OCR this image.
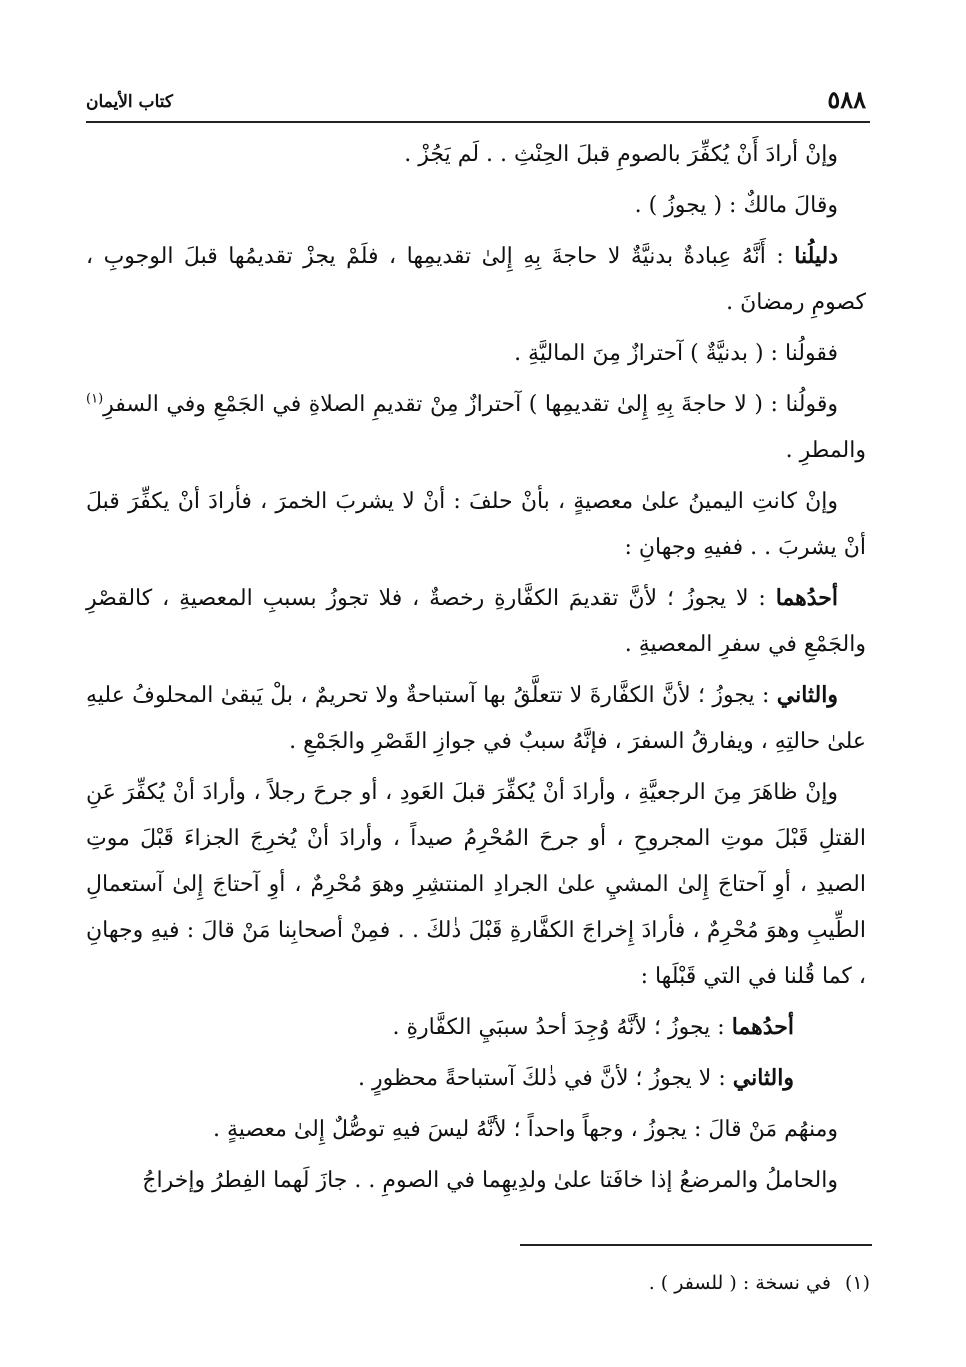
٥٨٨
كتاب الأيمان

وإنْ أرادَ أَنْ يُكفِّرَ بالصومِ قبلَ الحِنْثِ . . لَم يَجُزْ .

وقالَ مالكٌ : ( يجوزُ ) .

دليلُنا : أَنَّهُ عِبادةٌ بدنيَّةٌ لا حاجةَ بِهِ إِلىٰ تقديمِها ، فلَمْ يجزْ تقديمُها قبلَ الوجوبِ ، كصومِ رمضانَ .

فقولُنا : ( بدنيَّةٌ ) آحترازٌ مِنَ الماليَّةِ .

وقولُنا : ( لا حاجةَ بِهِ إِلىٰ تقديمِها ) آحترازٌ مِنْ تقديمِ الصلاةِ في الجَمْعِ وفي السفرِ$^{(١)}$ والمطرِ .

وإنْ كانتِ اليمينُ علىٰ معصيةٍ ، بأنْ حلفَ : أنْ لا يشربَ الخمرَ ، فأرادَ أنْ يكفِّرَ قبلَ أنْ يشربَ . . ففيهِ وجهانِ :

أحدُهما : لا يجوزُ ؛ لأنَّ تقديمَ الكفَّارةِ رخصةٌ ، فلا تجوزُ بسببِ المعصيةِ ، كالقصْرِ والجَمْعِ في سفرِ المعصيةِ .

والثاني : يجوزُ ؛ لأنَّ الكفَّارةَ لا تتعلَّقُ بها آستباحةٌ ولا تحريمٌ ، بلْ يَبقىٰ المحلوفُ عليهِ علىٰ حالتِهِ ، ويفارقُ السفرَ ، فإنَّهُ سببٌ في جوازِ القَصْرِ والجَمْعِ .

وإنْ ظاهَرَ مِنَ الرجعيَّةِ ، وأرادَ أنْ يُكفِّرَ قبلَ العَودِ ، أو جرحَ رجلاً ، وأرادَ أنْ يُكفِّرَ عَنِ القتلِ قَبْلَ موتِ المجروحِ ، أو جرحَ المُحْرِمُ صيداً ، وأرادَ أنْ يُخرِجَ الجزاءَ قَبْلَ موتِ الصيدِ ، أوِ آحتاجَ إِلىٰ المشيِ علىٰ الجرادِ المنتشِرِ وهوَ مُحْرِمٌ ، أوِ آحتاجَ إِلىٰ آستعمالِ الطِّيبِ وهوَ مُحْرِمٌ ، فأرادَ إِخراجَ الكفَّارةِ قَبْلَ ذٰلكَ . . فمِنْ أصحابِنا مَنْ قالَ : فيهِ وجهانِ ، كما قُلنا في التي قَبْلَها :

أحدُهما : يجوزُ ؛ لأنَّهُ وُجِدَ أحدُ سببَيِ الكفَّارةِ .

والثاني : لا يجوزُ ؛ لأنَّ في ذٰلكَ آستباحةً محظورٍ .

ومنهُم مَنْ قالَ : يجوزُ ، وجهاً واحداً ؛ لأنَّهُ ليسَ فيهِ توصُّلٌ إِلىٰ معصيةٍ .

والحاملُ والمرضعُ إذا خافَتا علىٰ ولدِيهِما في الصومِ . . جازَ لَهما الفِطرُ وإخراجُ

(١)في نسخة : ( للسفر ) .
